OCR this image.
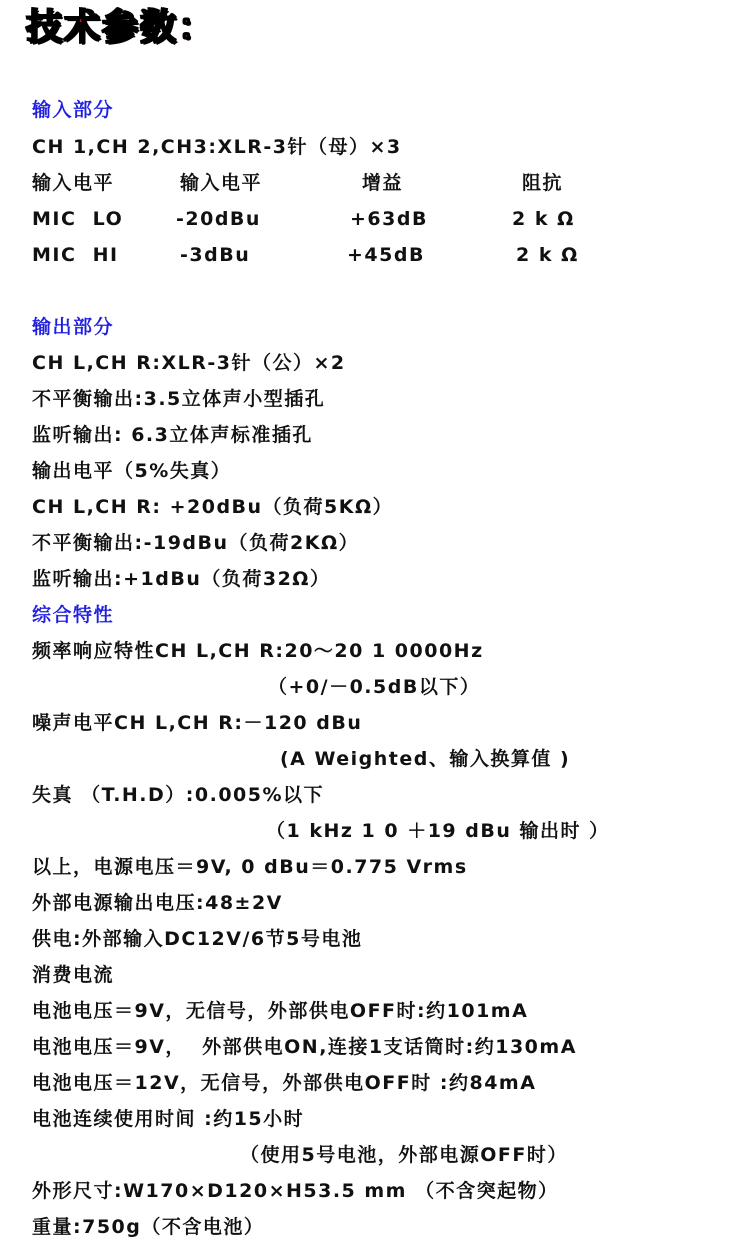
技术参数：
输入部分
CH 1,CH 2,CH3:XLR-3针（母）×3
输入电平	输入电平	增益	阻抗
MIC  LO	-20dBu	+63dB	2 k Ω
MIC  HI	-3dBu	+45dB	2 k Ω
输出部分
CH L,CH R:XLR-3针（公）×2
不平衡输出:3.5立体声小型插孔
监听输出: 6.3立体声标准插孔
输出电平（5%失真）
CH L,CH R: +20dBu（负荷5KΩ）
不平衡输出:-19dBu（负荷2KΩ）
监听输出:+1dBu（负荷32Ω）
综合特性
频率响应特性CH L,CH R:20～20 1 0000Hz
（+0/－0.5dB以下）
噪声电平CH L,CH R:－120 dBu
(A Weighted、输入换算值 )
失真 （T.H.D）:0.005%以下
（1 kHz 1 0 ＋19 dBu 输出时 ）
以上，电源电压＝9V, 0 dBu＝0.775 Vrms
外部电源输出电压:48±2V
供电:外部输入DC12V/6节5号电池
消费电流
电池电压＝9V，无信号，外部供电OFF时:约101mA
电池电压＝9V，  外部供电ON,连接1支话筒时:约130mA
电池电压＝12V，无信号，外部供电OFF时 :约84mA
电池连续使用时间 :约15小时
（使用5号电池，外部电源OFF时）
外形尺寸:W170×D120×H53.5 mm （不含突起物）
重量:750g（不含电池）
